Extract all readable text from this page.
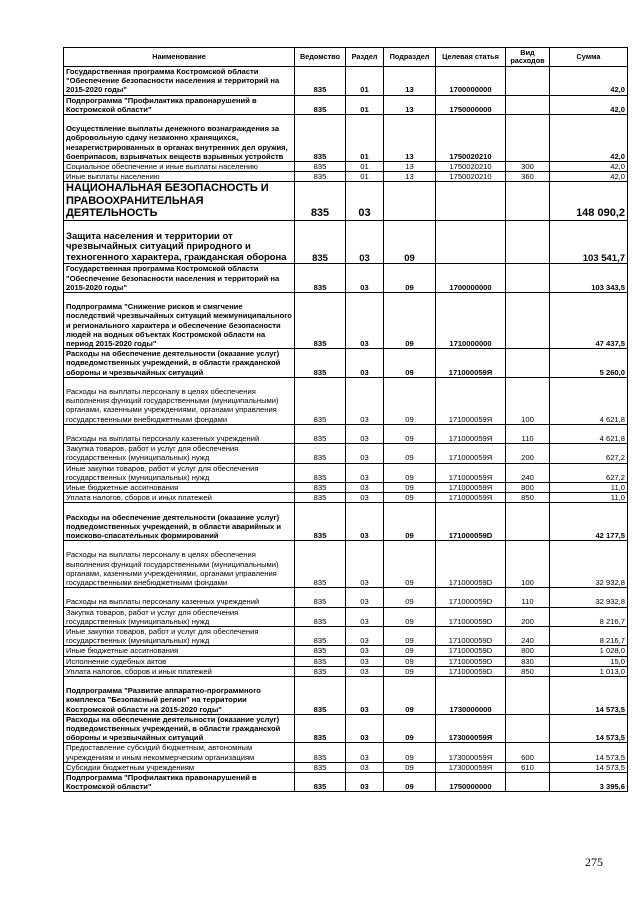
Наименование	Ведомство	Раздел	Подраздел	Целевая статья	Вид расходов	Сумма
Государственная программа Костромской области "Обеспечение безопасности населения и территорий на 2015-2020 годы"	835	01	13	1700000000		42,0
Подпрограмма "Профилактика правонарушений в Костромской области"	835	01	13	1750000000		42,0
Осуществление выплаты денежного вознаграждения за добровольную сдачу незаконно хранящихся, незарегистрированных в органах внутренних дел оружия, боеприпасов, взрывчатых веществ взрывных устройств	835	01	13	1750020210		42,0
Социальное обеспечение и иные выплаты населению	835	01	13	1750020210	300	42,0
Иные выплаты населению	835	01	13	1750020210	360	42,0
НАЦИОНАЛЬНАЯ БЕЗОПАСНОСТЬ И ПРАВООХРАНИТЕЛЬНАЯ ДЕЯТЕЛЬНОСТЬ	835	03				148 090,2
Защита населения и территории от чрезвычайных ситуаций природного и техногенного характера, гражданская оборона	835	03	09			103 541,7
Государственная программа Костромской области "Обеспечение безопасности населения и территорий на 2015-2020 годы"	835	03	09	1700000000		103 343,5
Подпрограмма "Снижение рисков и смягчение последствий чрезвычайных ситуаций межмуниципального и регионального характера и обеспечение безопасности людей на водных объектах Костромской области на период 2015-2020 годы"	835	03	09	1710000000		47 437,5
Расходы на обеспечение деятельности (оказание услуг) подведомственных учреждений, в области гражданской обороны и чрезвычайных ситуаций	835	03	09	171000059Я		5 260,0
Расходы на выплаты персоналу в целях обеспечения выполнения функций государственными (муниципальными) органами, казенными учреждениями, органами управления государственными внебюджетными фондами	835	03	09	171000059Я	100	4 621,8
Расходы на выплаты персоналу казенных учреждений	835	03	09	171000059Я	110	4 621,8
Закупка товаров, работ и услуг для обеспечения государственных (муниципальных) нужд	835	03	09	171000059Я	200	627,2
Иные закупки товаров, работ и услуг для обеспечения государственных (муниципальных) нужд	835	03	09	171000059Я	240	627,2
Иные бюджетные ассигнования	835	03	09	171000059Я	800	11,0
Уплата налогов, сборов и иных платежей	835	03	09	171000059Я	850	11,0
Расходы на обеспечение деятельности (оказание услуг) подведомственных учреждений, в области аварийных и поисково-спасательных формирований	835	03	09	171000059D		42 177,5
Расходы на выплаты персоналу в целях обеспечения выполнения функций государственными (муниципальными) органами, казенными учреждениями, органами управления государственными внебюджетными фондами	835	03	09	171000059D	100	32 932,8
Расходы на выплаты персоналу казенных учреждений	835	03	09	171000059D	110	32 932,8
Закупка товаров, работ и услуг для обеспечения государственных (муниципальных) нужд	835	03	09	171000059D	200	8 216,7
Иные закупки товаров, работ и услуг для обеспечения государственных (муниципальных) нужд	835	03	09	171000059D	240	8 216,7
Иные бюджетные ассигнования	835	03	09	171000059D	800	1 028,0
Исполнение судебных актов	835	03	09	171000059D	830	15,0
Уплата налогов, сборов и иных платежей	835	03	09	171000059D	850	1 013,0
Подпрограмма "Развитие аппаратно-программного комплекса "Безопасный регион" на территории Костромской области на 2015-2020 годы"	835	03	09	1730000000		14 573,5
Расходы на обеспечение деятельности (оказание услуг) подведомственных учреждений, в области гражданской обороны и чрезвычайных ситуаций	835	03	09	173000059Я		14 573,5
Предоставление субсидий бюджетным, автономным учреждениям и иным некоммерческим организациям	835	03	09	173000059Я	600	14 573,5
Субсидии бюджетным учреждениям	835	03	09	173000059Я	610	14 573,5
Подпрограмма "Профилактика правонарушений в Костромской области"	835	03	09	1750000000		3 395,6
275
